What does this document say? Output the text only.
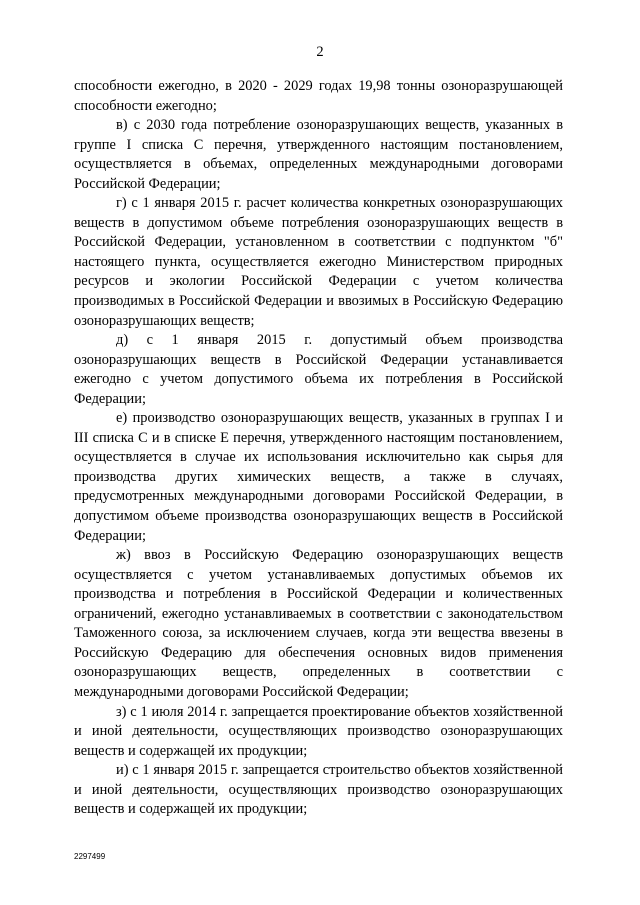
2

способности ежегодно, в 2020 - 2029 годах 19,98 тонны озоноразрушающей способности ежегодно;

в) с 2030 года потребление озоноразрушающих веществ, указанных в группе I списка С перечня, утвержденного настоящим постановлением, осуществляется в объемах, определенных международными договорами Российской Федерации;

г) с 1 января 2015 г. расчет количества конкретных озоноразрушающих веществ в допустимом объеме потребления озоноразрушающих веществ в Российской Федерации, установленном в соответствии с подпунктом "б" настоящего пункта, осуществляется ежегодно Министерством природных ресурсов и экологии Российской Федерации с учетом количества производимых в Российской Федерации и ввозимых в Российскую Федерацию озоноразрушающих веществ;

д) с 1 января 2015 г. допустимый объем производства озоноразрушающих веществ в Российской Федерации устанавливается ежегодно с учетом допустимого объема их потребления в Российской Федерации;

е) производство озоноразрушающих веществ, указанных в группах I и III списка С и в списке Е перечня, утвержденного настоящим постановлением, осуществляется в случае их использования исключительно как сырья для производства других химических веществ, а также в случаях, предусмотренных международными договорами Российской Федерации, в допустимом объеме производства озоноразрушающих веществ в Российской Федерации;

ж) ввоз в Российскую Федерацию озоноразрушающих веществ осуществляется с учетом устанавливаемых допустимых объемов их производства и потребления в Российской Федерации и количественных ограничений, ежегодно устанавливаемых в соответствии с законодательством Таможенного союза, за исключением случаев, когда эти вещества ввезены в Российскую Федерацию для обеспечения основных видов применения озоноразрушающих веществ, определенных в соответствии с международными договорами Российской Федерации;

з) с 1 июля 2014 г. запрещается проектирование объектов хозяйственной и иной деятельности, осуществляющих производство озоноразрушающих веществ и содержащей их продукции;

и) с 1 января 2015 г. запрещается строительство объектов хозяйственной и иной деятельности, осуществляющих производство озоноразрушающих веществ и содержащей их продукции;

2297499
